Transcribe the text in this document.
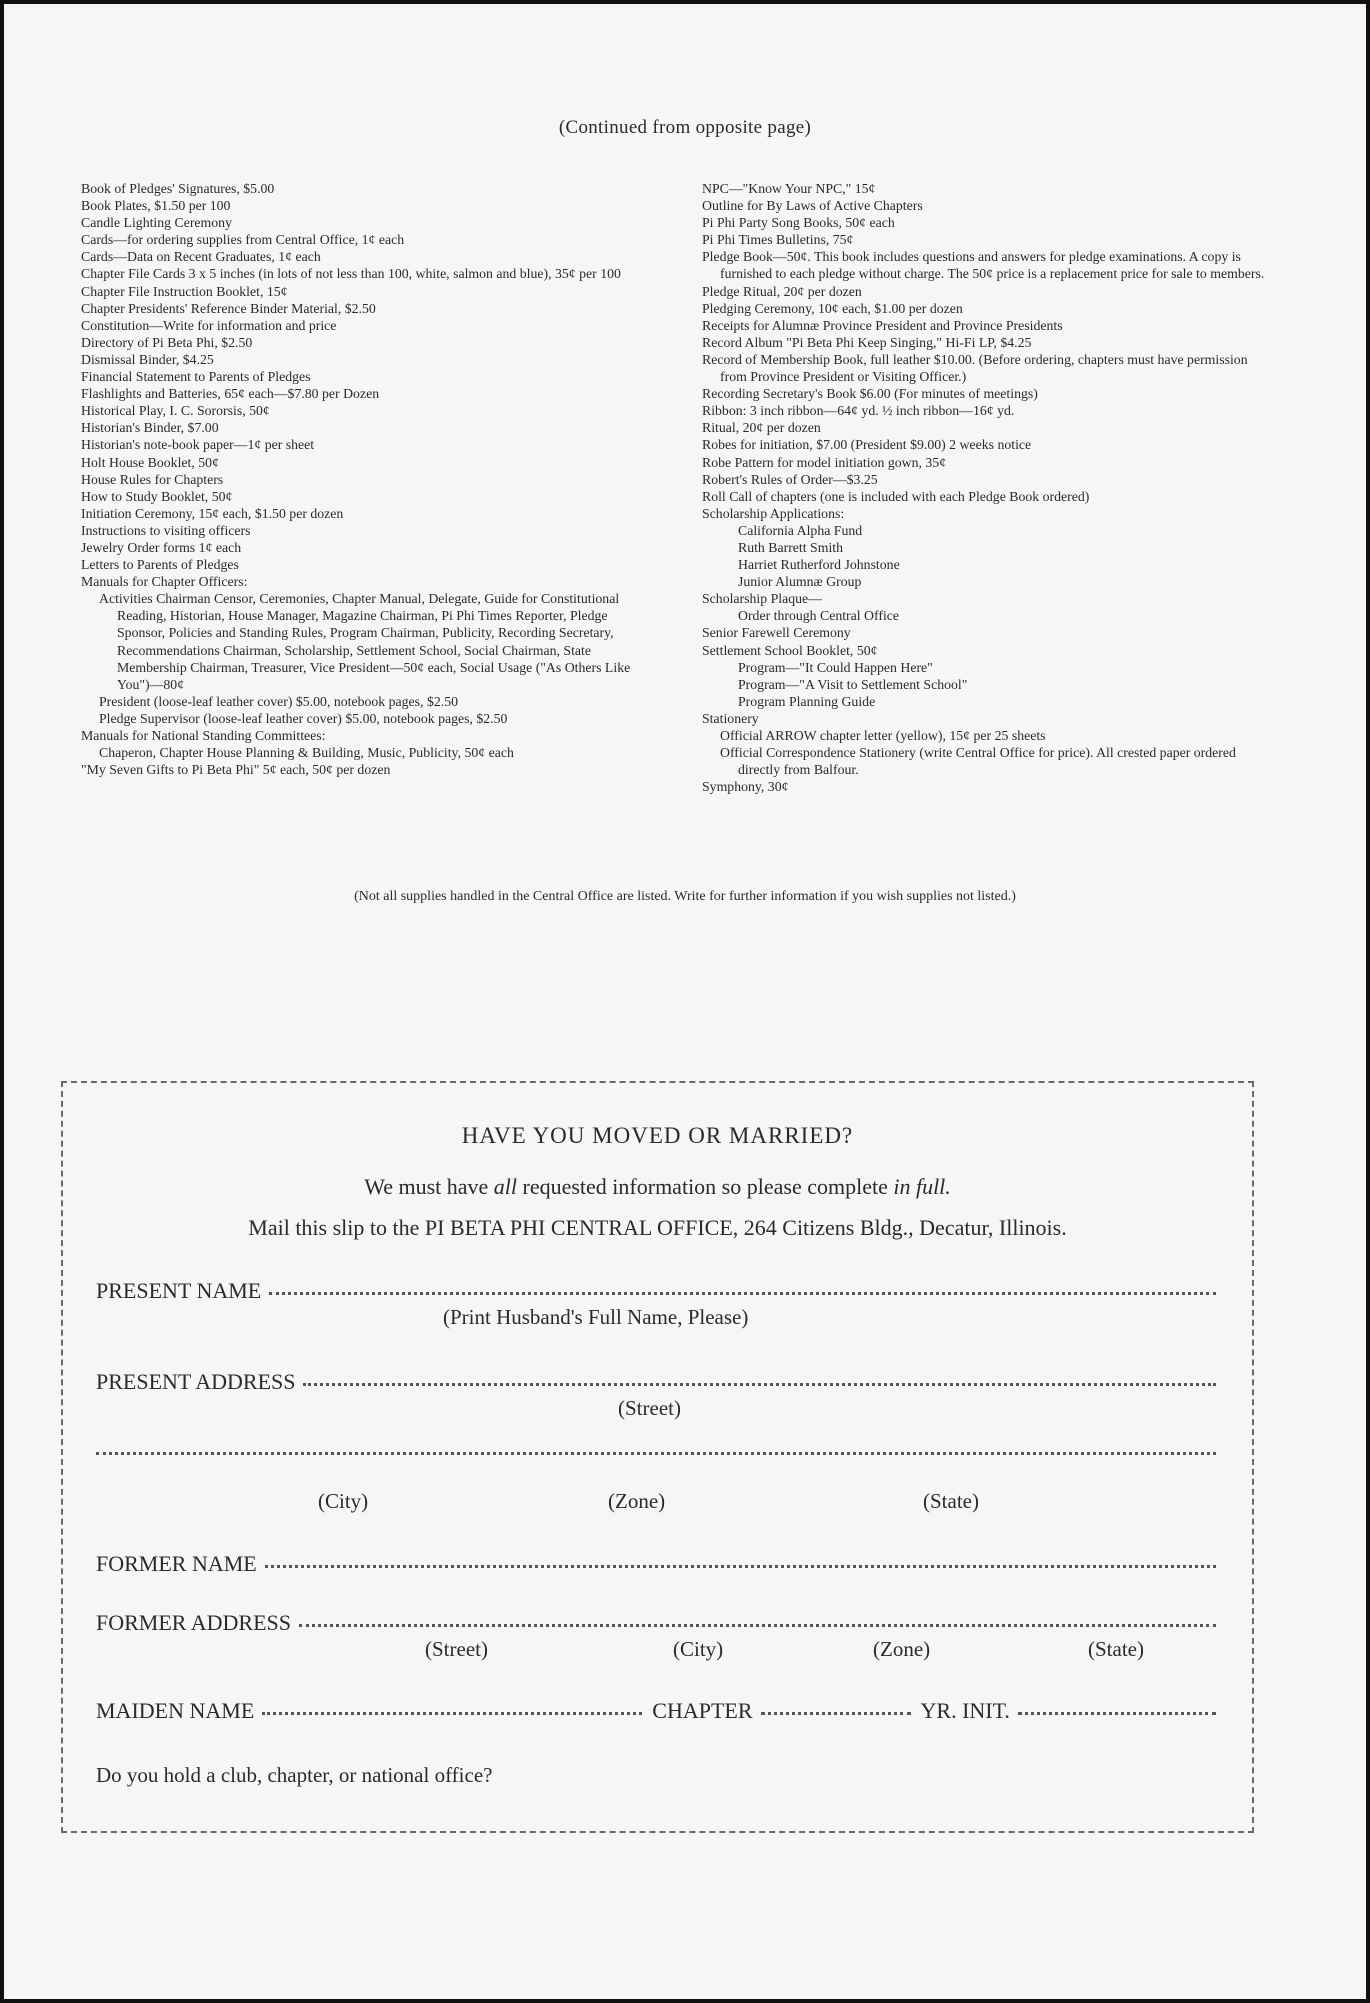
(Continued from opposite page)

Book of Pledges' Signatures, $5.00

Book Plates, $1.50 per 100

Candle Lighting Ceremony

Cards—for ordering supplies from Central Office, 1¢ each

Cards—Data on Recent Graduates, 1¢ each

Chapter File Cards 3 x 5 inches (in lots of not less than 100, white, salmon and blue), 35¢ per 100

Chapter File Instruction Booklet, 15¢

Chapter Presidents' Reference Binder Material, $2.50

Constitution—Write for information and price

Directory of Pi Beta Phi, $2.50

Dismissal Binder, $4.25

Financial Statement to Parents of Pledges

Flashlights and Batteries, 65¢ each—$7.80 per Dozen

Historical Play, I. C. Sororsis, 50¢

Historian's Binder, $7.00

Historian's note-book paper—1¢ per sheet

Holt House Booklet, 50¢

House Rules for Chapters

How to Study Booklet, 50¢

Initiation Ceremony, 15¢ each, $1.50 per dozen

Instructions to visiting officers

Jewelry Order forms 1¢ each

Letters to Parents of Pledges

Manuals for Chapter Officers:

Activities Chairman Censor, Ceremonies, Chapter Manual, Delegate, Guide for Constitutional Reading, Historian, House Manager, Magazine Chairman, Pi Phi Times Reporter, Pledge Sponsor, Policies and Standing Rules, Program Chairman, Publicity, Recording Secretary, Recommendations Chairman, Scholarship, Settlement School, Social Chairman, State Membership Chairman, Treasurer, Vice President—50¢ each, Social Usage ("As Others Like You")—80¢

President (loose-leaf leather cover) $5.00, notebook pages, $2.50

Pledge Supervisor (loose-leaf leather cover) $5.00, notebook pages, $2.50

Manuals for National Standing Committees:

Chaperon, Chapter House Planning & Building, Music, Publicity, 50¢ each

"My Seven Gifts to Pi Beta Phi" 5¢ each, 50¢ per dozen

NPC—"Know Your NPC," 15¢

Outline for By Laws of Active Chapters

Pi Phi Party Song Books, 50¢ each

Pi Phi Times Bulletins, 75¢

Pledge Book—50¢. This book includes questions and answers for pledge examinations. A copy is furnished to each pledge without charge. The 50¢ price is a replacement price for sale to members.

Pledge Ritual, 20¢ per dozen

Pledging Ceremony, 10¢ each, $1.00 per dozen

Receipts for Alumnæ Province President and Province Presidents

Record Album "Pi Beta Phi Keep Singing," Hi-Fi LP, $4.25

Record of Membership Book, full leather $10.00. (Before ordering, chapters must have permission from Province President or Visiting Officer.)

Recording Secretary's Book $6.00 (For minutes of meetings)

Ribbon: 3 inch ribbon—64¢ yd. ½ inch ribbon—16¢ yd.

Ritual, 20¢ per dozen

Robes for initiation, $7.00 (President $9.00) 2 weeks notice

Robe Pattern for model initiation gown, 35¢

Robert's Rules of Order—$3.25

Roll Call of chapters (one is included with each Pledge Book ordered)

Scholarship Applications:

California Alpha Fund

Ruth Barrett Smith

Harriet Rutherford Johnstone

Junior Alumnæ Group

Scholarship Plaque—

Order through Central Office

Senior Farewell Ceremony

Settlement School Booklet, 50¢

Program—"It Could Happen Here"

Program—"A Visit to Settlement School"

Program Planning Guide

Stationery

Official ARROW chapter letter (yellow), 15¢ per 25 sheets

Official Correspondence Stationery (write Central Office for price). All crested paper ordered directly from Balfour.

Symphony, 30¢

(Not all supplies handled in the Central Office are listed. Write for further information if you wish supplies not listed.)
HAVE YOU MOVED OR MARRIED?
We must have all requested information so please complete in full.
Mail this slip to the PI BETA PHI CENTRAL OFFICE, 264 Citizens Bldg., Decatur, Illinois.
PRESENT NAME
(Print Husband's Full Name, Please)
PRESENT ADDRESS
(Street)
(City)	(Zone)	(State)
FORMER NAME
FORMER ADDRESS
(Street)	(City)	(Zone)	(State)
MAIDEN NAME	CHAPTER	YR. INIT.
Do you hold a club, chapter, or national office?
